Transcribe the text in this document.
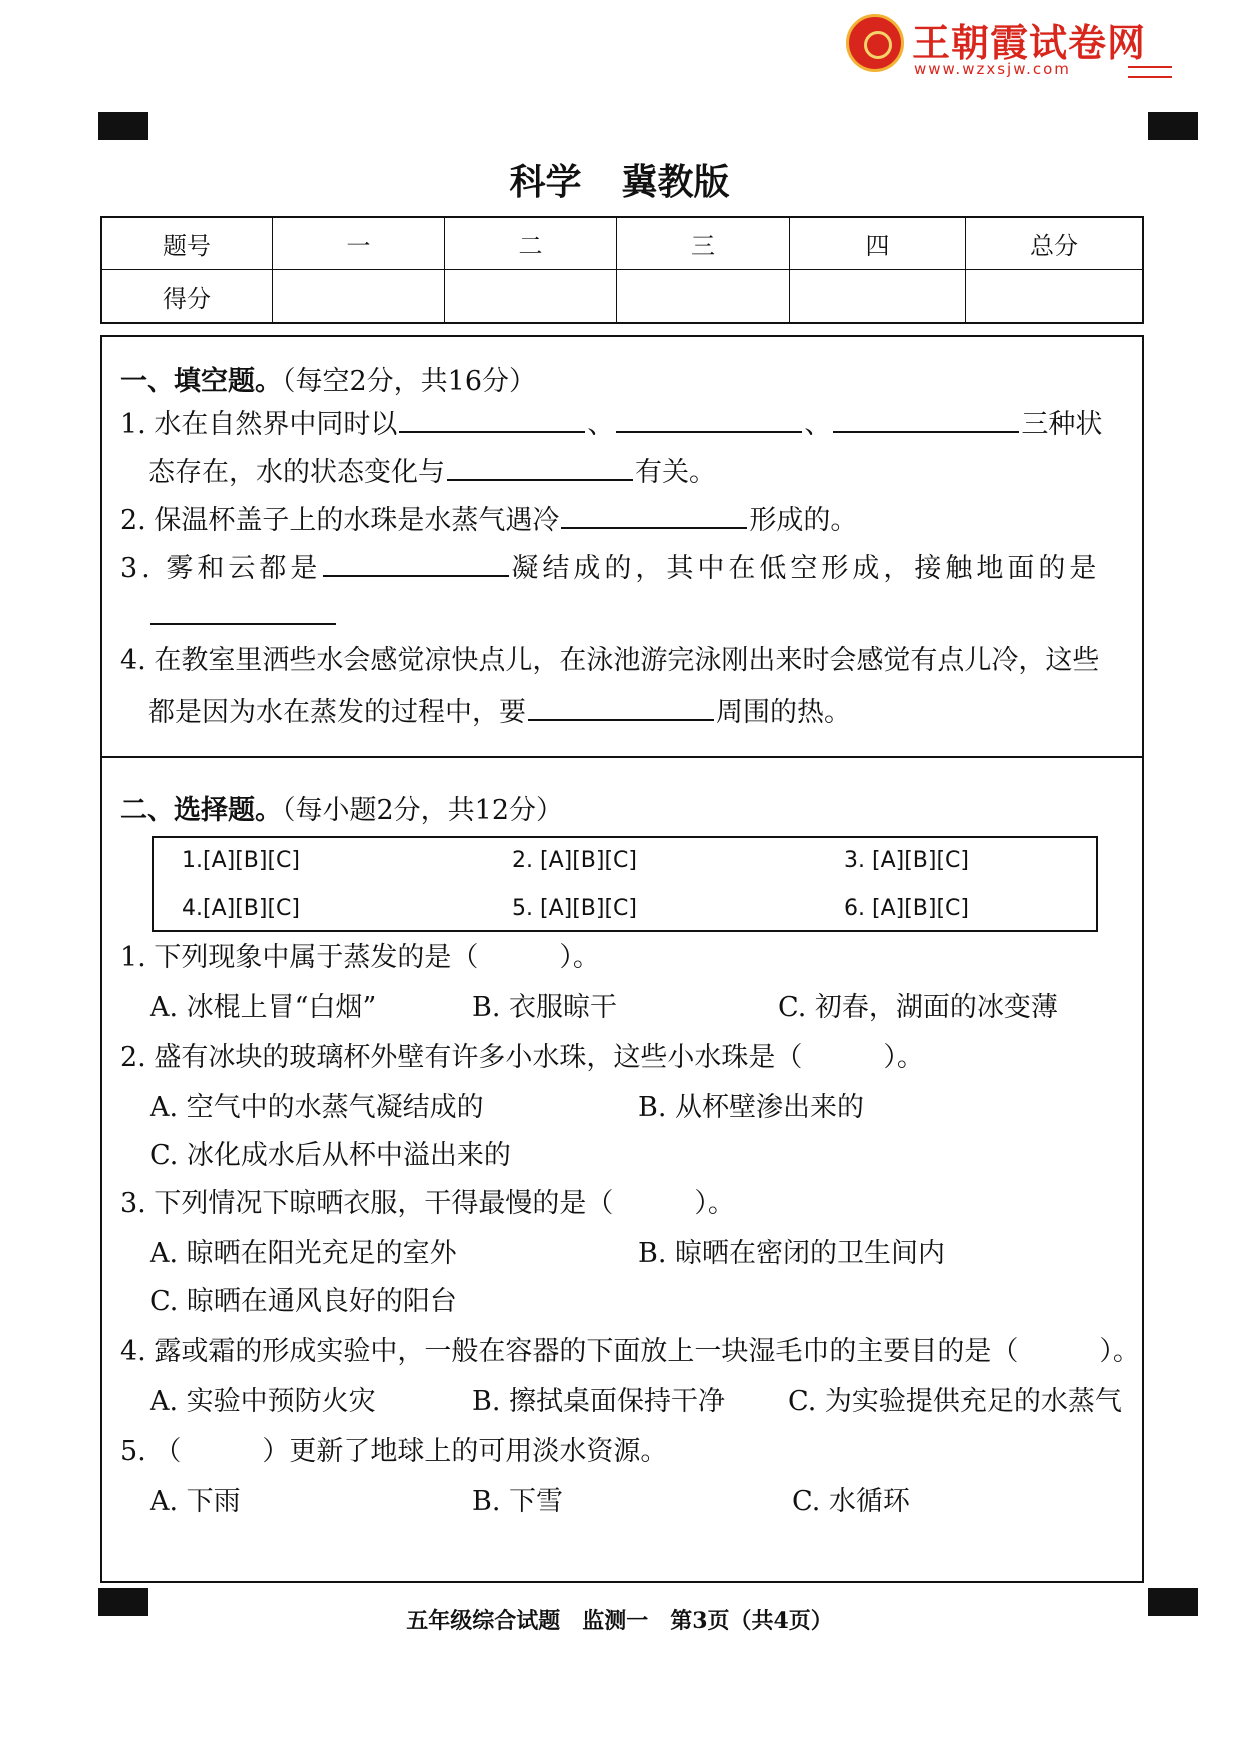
王朝霞试卷网
www.wzxsjw.com
科学 冀教版
题号	一	二	三	四	总分
得分
一、填空题。（每空2分，共16分）
1. 水在自然界中同时以	、	、	三种状
态存在，水的状态变化与	有关。
2. 保温杯盖子上的水珠是水蒸气遇冷	形成的。
3. 雾和云都是	凝结成的，其中在低空形成，接触地面的是
4. 在教室里洒些水会感觉凉快点儿，在泳池游完泳刚出来时会感觉有点儿冷，这些
都是因为水在蒸发的过程中，要	周围的热。
二、选择题。（每小题2分，共12分）
1.[A][B][C]	2. [A][B][C]	3. [A][B][C]
4.[A][B][C]	5. [A][B][C]	6. [A][B][C]
1. 下列现象中属于蒸发的是（　　　）。
A. 冰棍上冒“白烟”	B. 衣服晾干	C. 初春，湖面的冰变薄
2. 盛有冰块的玻璃杯外壁有许多小水珠，这些小水珠是（　　　）。
A. 空气中的水蒸气凝结成的	B. 从杯壁渗出来的
C. 冰化成水后从杯中溢出来的
3. 下列情况下晾晒衣服，干得最慢的是（　　　）。
A. 晾晒在阳光充足的室外	B. 晾晒在密闭的卫生间内
C. 晾晒在通风良好的阳台
4. 露或霜的形成实验中，一般在容器的下面放上一块湿毛巾的主要目的是（　　　）。
A. 实验中预防火灾	B. 擦拭桌面保持干净 C. 为实验提供充足的水蒸气
5. （　　　）更新了地球上的可用淡水资源。
A. 下雨	B. 下雪	C. 水循环
五年级综合试题　监测一　第3页（共4页）
